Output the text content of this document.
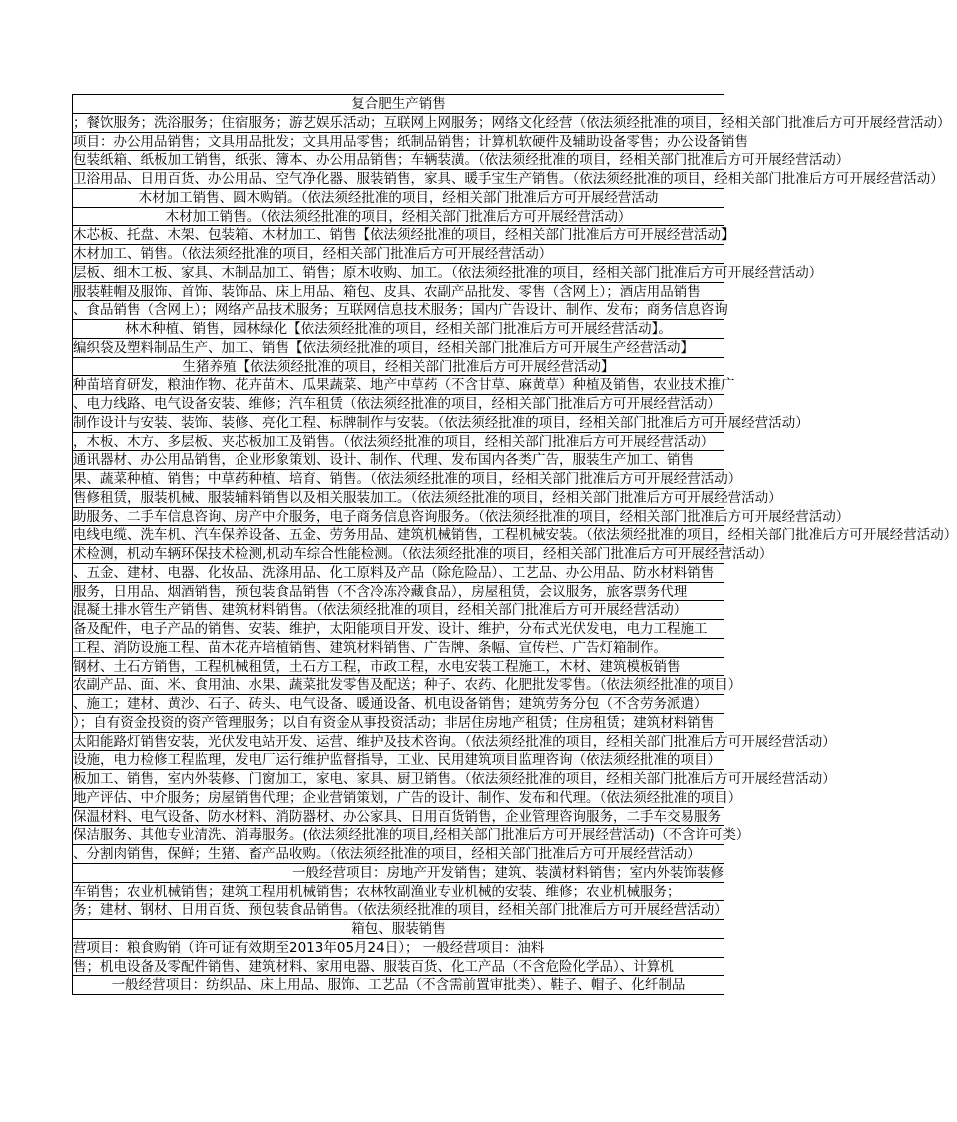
复合肥生产销售
；餐饮服务；洗浴服务；住宿服务；游艺娱乐活动；互联网上网服务；网络文化经营（依法须经批准的项目，经相关部门批准后方可开展经营活动）
项目：办公用品销售；文具用品批发；文具用品零售；纸制品销售；计算机软硬件及辅助设备零售；办公设备销售
包装纸箱、纸板加工销售，纸张、簿本、办公用品销售；车辆装潢。（依法须经批准的项目，经相关部门批准后方可开展经营活动）
卫浴用品、日用百货、办公用品、空气净化器、服装销售，家具、暖手宝生产销售。（依法须经批准的项目，经相关部门批准后方可开展经营活动）
木材加工销售、圆木购销。（依法须经批准的项目，经相关部门批准后方可开展经营活动
木材加工销售。（依法须经批准的项目，经相关部门批准后方可开展经营活动）
木芯板、托盘、木架、包装箱、木材加工、销售【依法须经批准的项目，经相关部门批准后方可开展经营活动】
木材加工、销售。（依法须经批准的项目，经相关部门批准后方可开展经营活动）
层板、细木工板、家具、木制品加工、销售；原木收购、加工。（依法须经批准的项目，经相关部门批准后方可开展经营活动）
服装鞋帽及服饰、首饰、装饰品、床上用品、箱包、皮具、农副产品批发、零售（含网上）；酒店用品销售
、食品销售（含网上）；网络产品技术服务；互联网信息技术服务；国内广告设计、制作、发布；商务信息咨询
林木种植、销售，园林绿化【依法须经批准的项目，经相关部门批准后方可开展经营活动】。
编织袋及塑料制品生产、加工、销售【依法须经批准的项目，经相关部门批准后方可开展生产经营活动】
生猪养殖【依法须经批准的项目，经相关部门批准后方可开展经营活动】
种苗培育研发，粮油作物、花卉苗木、瓜果蔬菜、地产中草药（不含甘草、麻黄草）种植及销售，农业技术推广
、电力线路、电气设备安装、维修；汽车租赁（依法须经批准的项目，经相关部门批准后方可开展经营活动）
制作设计与安装、装饰、装修、亮化工程、标牌制作与安装。（依法须经批准的项目，经相关部门批准后方可开展经营活动）
，木板、木方、多层板、夹芯板加工及销售。（依法须经批准的项目，经相关部门批准后方可开展经营活动）
通讯器材、办公用品销售，企业形象策划、设计、制作、代理、发布国内各类广告，服装生产加工、销售
果、蔬菜种植、销售；中草药种植、培育、销售。（依法须经批准的项目，经相关部门批准后方可开展经营活动）
售修租赁，服装机械、服装辅料销售以及相关服装加工。（依法须经批准的项目，经相关部门批准后方可开展经营活动）
助服务、二手车信息咨询、房产中介服务，电子商务信息咨询服务。（依法须经批准的项目，经相关部门批准后方可开展经营活动）
电线电缆、洗车机、汽车保养设备、五金、劳务用品、建筑机械销售，工程机械安装。（依法须经批准的项目，经相关部门批准后方可开展经营活动）
术检测，机动车辆环保技术检测,机动车综合性能检测。（依法须经批准的项目，经相关部门批准后方可开展经营活动）
、五金、建材、电器、化妆品、洗涤用品、化工原料及产品（除危险品）、工艺品、办公用品、防水材料销售
服务，日用品、烟酒销售，预包装食品销售（不含冷冻冷藏食品），房屋租赁，会议服务，旅客票务代理
混凝土排水管生产销售、建筑材料销售。（依法须经批准的项目，经相关部门批准后方可开展经营活动）
备及配件，电子产品的销售、安装、维护，太阳能项目开发、设计、维护，分布式光伏发电，电力工程施工
工程、消防设施工程、苗木花卉培植销售、建筑材料销售、广告牌、条幅、宣传栏、广告灯箱制作。
钢材、土石方销售，工程机械租赁，土石方工程，市政工程，水电安装工程施工，木材、建筑模板销售
农副产品、面、米、食用油、水果、蔬菜批发零售及配送；种子、农药、化肥批发零售。（依法须经批准的项目）
、施工；建材、黄沙、石子、砖头、电气设备、暖通设备、机电设备销售；建筑劳务分包（不含劳务派遣）
）；自有资金投资的资产管理服务；以自有资金从事投资活动；非居住房地产租赁；住房租赁；建筑材料销售
太阳能路灯销售安装，光伏发电站开发、运营、维护及技术咨询。（依法须经批准的项目，经相关部门批准后方可开展经营活动）
设施，电力检修工程监理，发电厂运行维护监督指导，工业、民用建筑项目监理咨询（依法须经批准的项目）
板加工、销售，室内外装修、门窗加工，家电、家具、厨卫销售。（依法须经批准的项目，经相关部门批准后方可开展经营活动）
地产评估、中介服务；房屋销售代理；企业营销策划，广告的设计、制作、发布和代理。（依法须经批准的项目）
保温材料、电气设备、防水材料、消防器材、办公家具、日用百货销售，企业管理咨询服务，二手车交易服务
保洁服务、其他专业清洗、消毒服务。(依法须经批准的项目,经相关部门批准后方可开展经营活动)（不含许可类）
、分割肉销售，保鲜；生猪、畜产品收购。（依法须经批准的项目，经相关部门批准后方可开展经营活动）
一般经营项目：房地产开发销售；建筑、装潢材料销售；室内外装饰装修
车销售；农业机械销售；建筑工程用机械销售；农林牧副渔业专业机械的安装、维修；农业机械服务；
务；建材、钢材、日用百货、预包装食品销售。（依法须经批准的项目，经相关部门批准后方可开展经营活动）
箱包、服装销售
营项目：粮食购销（许可证有效期至2013年05月24日）； 一般经营项目：油料
售；机电设备及零配件销售、建筑材料、家用电器、服装百货、化工产品（不含危险化学品）、计算机
一般经营项目：纺织品、床上用品、服饰、工艺品（不含需前置审批类）、鞋子、帽子、化纤制品
